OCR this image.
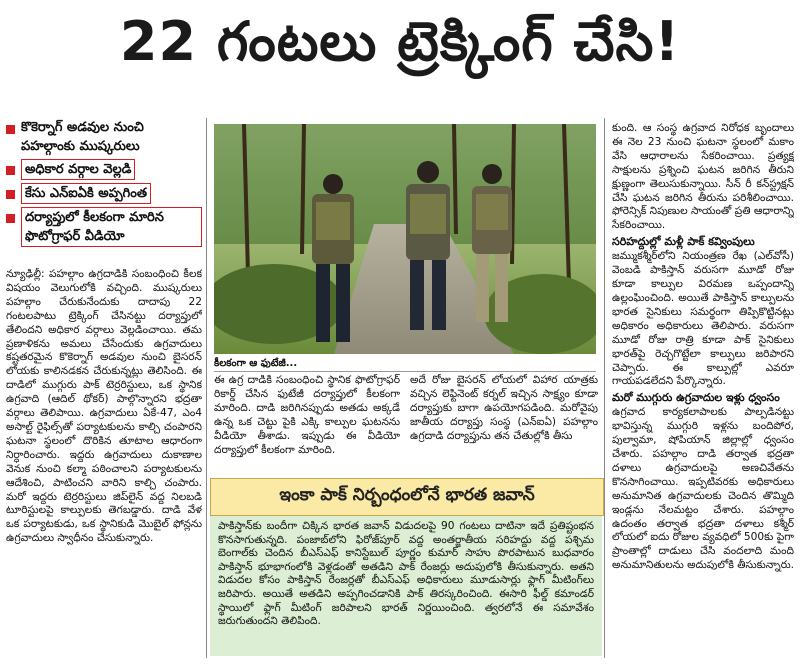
22 గంటలు ట్రెక్కింగ్ చేసి!
కొకెర్నాగ్ అడవుల నుంచి పహల్గాంకు ముష్కరులు
అధికార వర్గాల వెల్లడి
కేసు ఎన్ఐఏకి అప్పగింత
దర్యాప్తులో కీలకంగా మారిన ఫొటోగ్రాఫర్ వీడియో

న్యూఢిల్లీ: పహల్గాం ఉగ్రదాడికి సంబంధించి కీలక విషయం వెలుగులోకి వచ్చింది. ముష్కరులు పహల్గాం చేరుకునేందుకు దాదాపు 22 గంటలపాటు ట్రెక్కింగ్ చేసినట్టు దర్యాప్తులో తేలిందని అధికార వర్గాలు వెల్లడించాయి. తమ ప్రణాళికను అమలు చేసేందుకు ఉగ్రవాదులు కష్టతరమైన కొకెర్నాగ్ అడవుల నుంచి బైసరన్ లోయకు కాలినడకన చేరుకున్నట్లు తెలిసింది. ఈ దాడిలో ముగ్గురు పాక్ టెర్రరిస్టులు, ఒక స్థానిక ఉగ్రవాది (ఆదిల్ థోకర్) పాల్గొన్నారని భద్రతా వర్గాలు తెలిపాయి. ఉగ్రవాదులు ఏకే-47, ఎం4 అసాల్ట్ రైఫిల్స్‌తో పర్యాటకులను కాల్చి చంపారని ఘటనా స్థలంలో దొరికిన తూటాల ఆధారంగా నిర్ధారించారు. ఇద్దరు ఉగ్రవాదులు దుకాణాల వెనుక నుంచి కల్మా పఠించాలని పర్యాటకులను ఆదేశించి, పాటించని వారిని కాల్చి చంపారు. మరో ఇద్దరు టెర్రరిస్టులు జిప్‌లైన్ వద్ద నిలబడి టూరిస్టులపై కాల్పులకు తెగబడ్డారు. దాడి వేళ ఒక పర్యాటకుడు, ఒక స్థానికుడి మొబైల్ ఫోన్లను ఉగ్రవాదులు స్వాధీనం చేసుకున్నారు.

కీలకంగా ఆ ఫుటేజీ...

ఈ ఉగ్ర దాడికి సంబంధించి స్థానిక ఫొటోగ్రాఫర్ రికార్డ్ చేసిన ఫుటేజీ దర్యాప్తులో కీలకంగా మారింది. దాడి జరిగినప్పుడు అతడు అక్కడే ఉన్న ఒక చెట్టు పైకి ఎక్కి కాల్పుల ఘటనను వీడియో తీశాడు. ఇప్పుడు ఈ వీడియో దర్యాప్తులో కీలకంగా మారింది.

అదే రోజు బైసరన్ లోయలో విహార యాత్రకు వచ్చిన లెఫ్టినెంట్ కర్నల్ ఇచ్చిన సాక్ష్యం కూడా దర్యాప్తుకు బాగా ఉపయోగపడింది. మరోవైపు జాతీయ దర్యాప్తు సంస్థ (ఎన్ఐఏ) పహల్గాం ఉగ్రదాడి దర్యాప్తును తన చేతుల్లోకి తీసు

ఇంకా పాక్ నిర్బంధంలోనే భారత జవాన్
పాకిస్తాన్‌కు బందీగా చిక్కిన భారత జవాన్ విడుదలపై 90 గంటలు దాటినా ఇదే ప్రతిష్టంభన కొనసాగుతున్నది. పంజాబ్‌లోని ఫిరోజ్‌పూర్ వద్ద అంతర్జాతీయ సరిహద్దు వద్ద పశ్చిమ బెంగాల్‌కు చెందిన బీఎస్ఎఫ్ కానిస్టేబుల్ పూర్ణం కుమార్ సాహు పొరపాటున బుధవారం పాకిస్తాన్ భూభాగంలోకి వెళ్లడంతో అతడిని పాక్ రేంజర్లు అదుపులోకి తీసుకున్నారు. అతని విడుదల కోసం పాకిస్తాన్ రేంజర్లతో బీఎస్ఎఫ్ అధికారులు మూడుసార్లు ఫ్లాగ్ మీటింగ్‌లు జరిపారు. అయితే అతడిని అప్పగించడానికి పాక్ తిరస్కరించింది. ఈసారి ఫీల్డ్ కమాండర్ స్థాయిలో ఫ్లాగ్ మీటింగ్ జరిపాలని భారత్ నిర్ణయించింది. త్వరలోనే ఈ సమావేశం జరుగుతుందని తెలిపింది.

కుంది. ఆ సంస్థ ఉగ్రవాద నిరోధక బృందాలు ఈ నెల 23 నుంచి ఘటనా స్థలంలో మకాం వేసి ఆధారాలను సేకరించాయి. ప్రత్యక్ష సాక్షులను ప్రశ్నించి ఘటన జరిగిన తీరుని క్షుణ్ణంగా తెలుసుకున్నాయి. సీన్ రీ కన్‌స్ట్రక్షన్ చేసి ఘటన జరిగిన తీరును పరిశీలించాయి. ఫోరెన్సిక్ నిపుణుల సాయంతో ప్రతి ఆధారాన్ని సేకరించాయి.

సరిహద్దుల్లో మళ్లీ పాక్ కవ్వింపులు

జమ్ముకశ్మీర్‌లోని నియంత్రణ రేఖ (ఎల్‌వోసీ) వెంబడి పాకిస్తాన్ వరుసగా మూడో రోజు కూడా కాల్పుల విరమణ ఒప్పందాన్ని ఉల్లంఘించింది. అయితే పాకిస్తాన్ కాల్పులను భారత సైనికులు సమర్థంగా తిప్పికొట్టినట్లు అధికారం అధికారులు తెలిపారు. వరుసగా మూడో రోజు రాత్రి కూడా పాక్ సైనికులు భారత్‌పై రెచ్చగొట్టేలా కాల్పులు జరిపారని చెప్పారు. ఈ కాల్పుల్లో ఎవరూ గాయపడలేదని పేర్కొన్నారు.

మరో ముగ్గురు ఉగ్రవాదుల ఇళ్లు ధ్వంసం

ఉగ్రవాద కార్యకలాపాలకు పాల్పడినట్టు భావిస్తున్న ముగ్గురి ఇళ్లను బందిపోర, పుల్వామా, షోపియాన్ జిల్లాల్లో ధ్వంసం చేశారు. పహల్గాం దాడి తర్వాత భద్రతా దళాలు ఉగ్రవాదులపై అణచివేతను కొనసాగించాయి. ఇప్పటివరకు అధికారులు అనుమానిత ఉగ్రవాదులకు చెందిన తొమ్మిది ఇండ్లను నేలమట్టం చేశారు. పహల్గాం ఉదంతం తర్వాత భద్రతా దళాలు కశ్మీర్ లోయలో ఐదు రోజుల వ్యవధిలో 500కు పైగా ప్రాంతాల్లో దాడులు చేసి వందలాది మంది అనుమానితులను అదుపులోకి తీసుకున్నారు.
